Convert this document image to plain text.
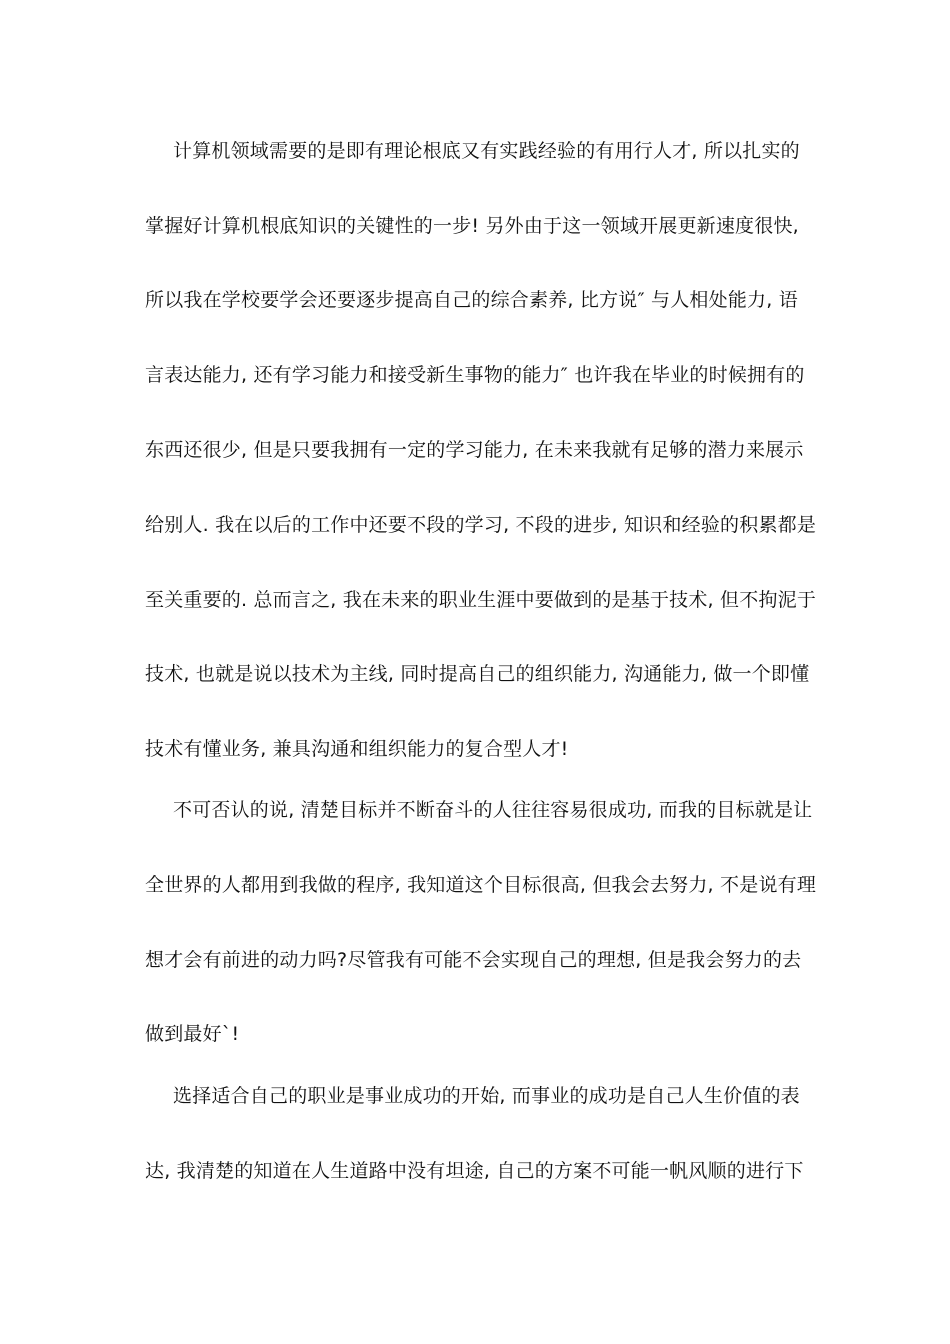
计算机领域需要的是即有理论根底又有实践经验的有用行人才, 所以扎实的
掌握好计算机根底知识的关键性的一步! 另外由于这一领域开展更新速度很快,
所以我在学校要学会还要逐步提高自己的综合素养, 比方说″ 与人相处能力, 语
言表达能力, 还有学习能力和接受新生事物的能力″ 也许我在毕业的时候拥有的
东西还很少, 但是只要我拥有一定的学习能力, 在未来我就有足够的潜力来展示
给别人. 我在以后的工作中还要不段的学习, 不段的进步, 知识和经验的积累都是
至关重要的. 总而言之, 我在未来的职业生涯中要做到的是基于技术, 但不拘泥于
技术, 也就是说以技术为主线, 同时提高自己的组织能力, 沟通能力, 做一个即懂
技术有懂业务, 兼具沟通和组织能力的复合型人才!
不可否认的说, 清楚目标并不断奋斗的人往往容易很成功, 而我的目标就是让
全世界的人都用到我做的程序, 我知道这个目标很高, 但我会去努力, 不是说有理
想才会有前进的动力吗?尽管我有可能不会实现自己的理想, 但是我会努力的去
做到最好ˋ!
选择适合自己的职业是事业成功的开始, 而事业的成功是自己人生价值的表
达, 我清楚的知道在人生道路中没有坦途, 自己的方案不可能一帆风顺的进行下
